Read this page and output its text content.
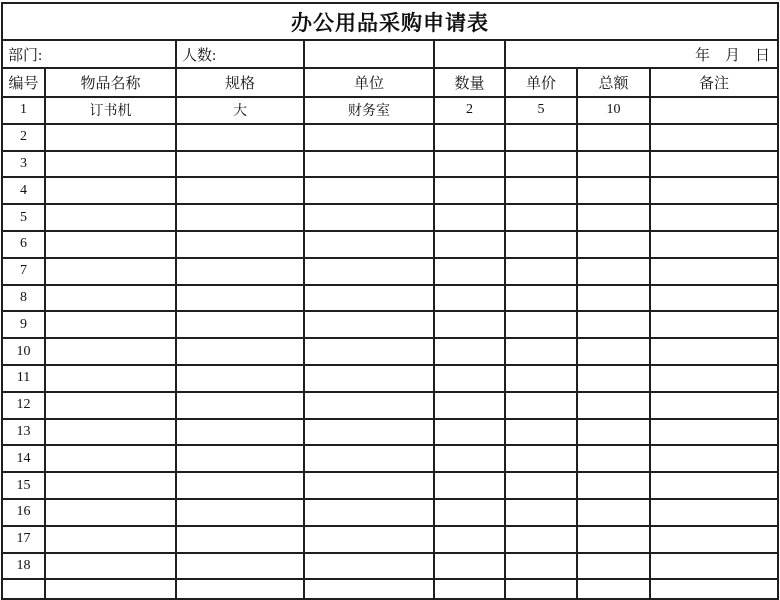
办公用品采购申请表							
部门:		人数:			年　月　日		
编号	物品名称	规格	单位	数量	单价	总额	备注
1	订书机	大	财务室	2	5	10	
2							
3							
4							
5							
6							
7							
8							
9							
10							
11							
12							
13							
14							
15							
16							
17							
18							
